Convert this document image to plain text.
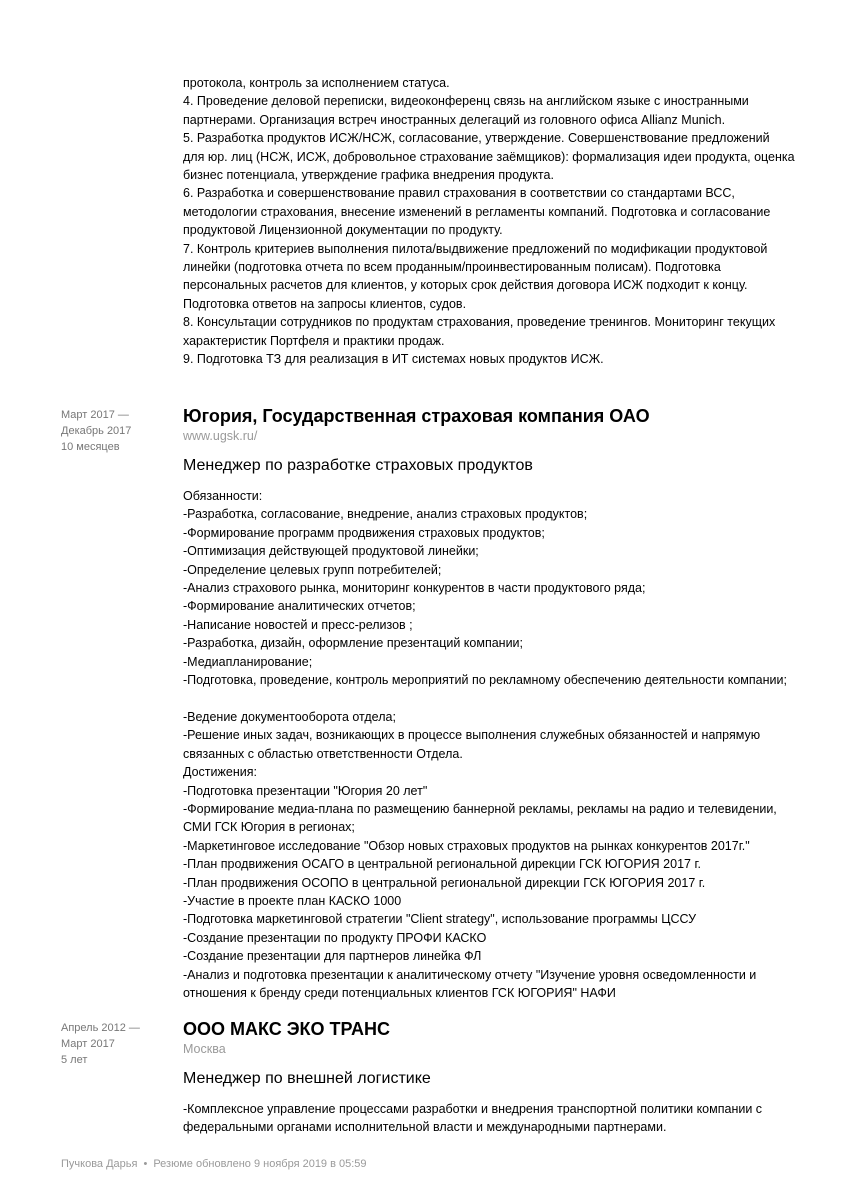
протокола, контроль за исполнением статуса.
4. Проведение деловой переписки, видеоконференц связь на английском языке с иностранными
партнерами. Организация встреч иностранных делегаций из головного офиса Allianz Munich.
5. Разработка продуктов ИСЖ/НСЖ, согласование, утверждение. Совершенствование предложений
для юр. лиц (НСЖ, ИСЖ, добровольное страхование заёмщиков): формализация идеи продукта, оценка
бизнес потенциала, утверждение графика внедрения продукта.
6. Разработка и совершенствование правил страхования в соответствии со стандартами ВСС,
методологии страхования, внесение изменений в регламенты компаний. Подготовка и согласование
продуктовой Лицензионной документации по продукту.
7. Контроль критериев выполнения пилота/выдвижение предложений по модификации продуктовой
линейки (подготовка отчета по всем проданным/проинвестированным полисам). Подготовка
персональных расчетов для клиентов, у которых срок действия договора ИСЖ подходит к концу.
Подготовка ответов на запросы клиентов, судов.
8. Консультации сотрудников по продуктам страхования, проведение тренингов. Мониторинг текущих
характеристик Портфеля и практики продаж.
9. Подготовка ТЗ для реализация в ИТ системах новых продуктов ИСЖ.
Март 2017 —
Декабрь 2017
10 месяцев
Югория, Государственная страховая компания ОАО
www.ugsk.ru/
Менеджер по разработке страховых продуктов
Обязанности:
-Разработка, согласование, внедрение, анализ страховых продуктов;
-Формирование программ продвижения страховых продуктов;
-Оптимизация действующей продуктовой линейки;
-Определение целевых групп потребителей;
-Анализ страхового рынка, мониторинг конкурентов в части продуктового ряда;
-Формирование аналитических отчетов;
-Написание новостей и пресс-релизов ;
-Разработка, дизайн, оформление презентаций компании;
-Медиапланирование;
-Подготовка, проведение, контроль мероприятий по рекламному обеспечению деятельности компании;

-Ведение документооборота отдела;
-Решение иных задач, возникающих в процессе выполнения служебных обязанностей и напрямую
связанных с областью ответственности Отдела.
Достижения:
-Подготовка презентации "Югория 20 лет"
-Формирование медиа-плана по размещению баннерной рекламы, рекламы на радио и телевидении,
СМИ ГСК Югория в регионах;
-Маркетинговое исследование "Обзор новых страховых продуктов на рынках конкурентов 2017г."
-План продвижения ОСАГО в центральной региональной дирекции ГСК ЮГОРИЯ 2017 г.
-План продвижения ОСОПО в центральной региональной дирекции ГСК ЮГОРИЯ 2017 г.
-Участие в проекте план КАСКО 1000
-Подготовка маркетинговой стратегии "Client strategy", использование программы ЦССУ
-Создание презентации по продукту ПРОФИ КАСКО
-Создание презентации для партнеров линейка ФЛ
-Анализ и подготовка презентации к аналитическому отчету "Изучение уровня осведомленности и
отношения к бренду среди потенциальных клиентов ГСК ЮГОРИЯ" НАФИ
Апрель 2012 —
Март 2017
5 лет
ООО МАКС ЭКО ТРАНС
Москва
Менеджер по внешней логистике
-Комплексное управление процессами разработки и внедрения транспортной политики компании с
федеральными органами исполнительной власти и международными партнерами.
Пучкова Дарья • Резюме обновлено 9 ноября 2019 в 05:59
